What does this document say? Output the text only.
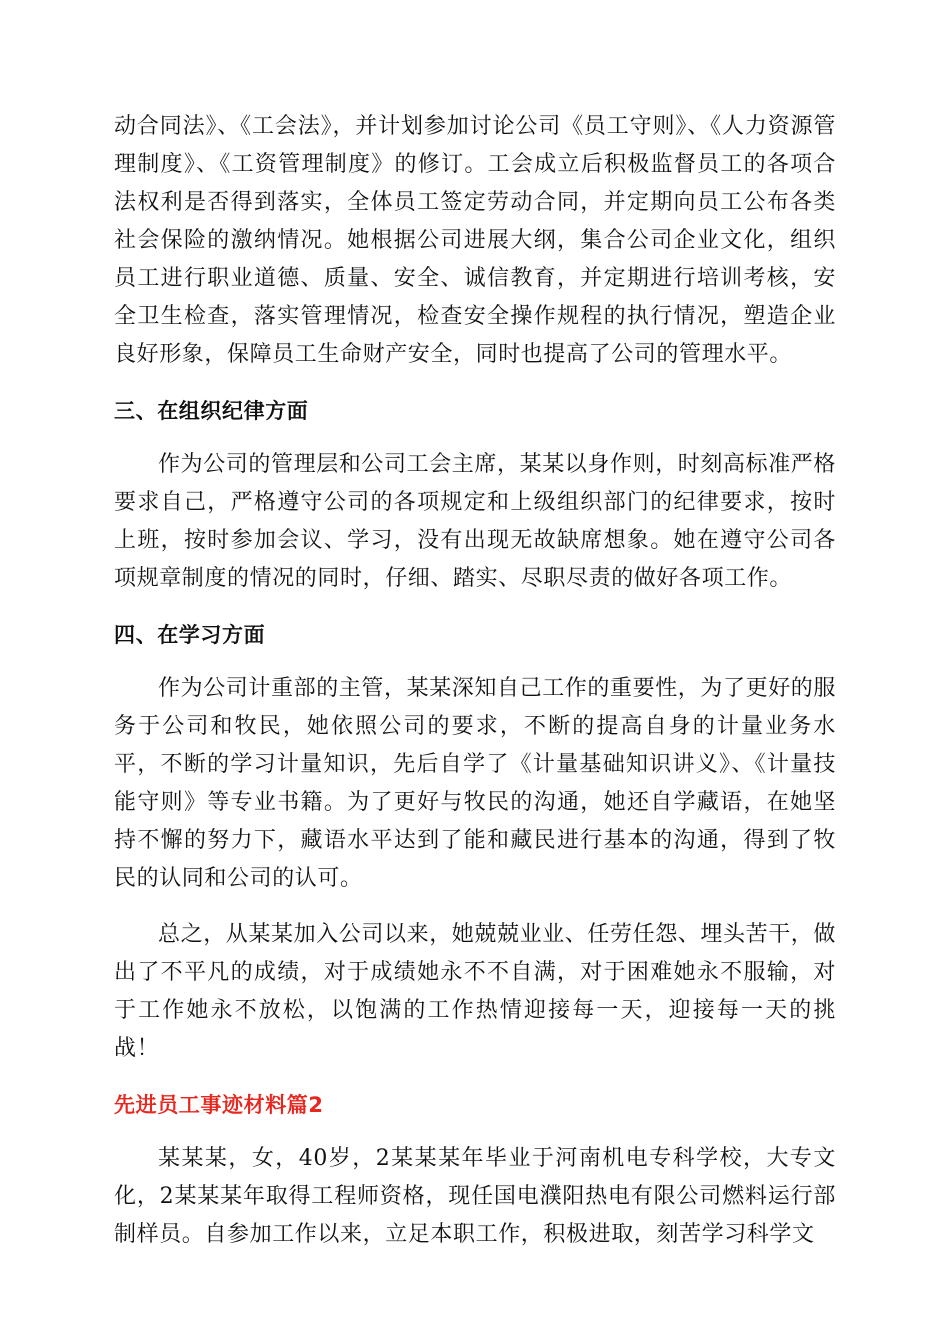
动合同法》、《工会法》，并计划参加讨论公司《员工守则》、《人力资源管理制度》、《工资管理制度》的修订。工会成立后积极监督员工的各项合法权利是否得到落实，全体员工签定劳动合同，并定期向员工公布各类社会保险的激纳情况。她根据公司进展大纲，集合公司企业文化，组织员工进行职业道德、质量、安全、诚信教育，并定期进行培训考核，安全卫生检查，落实管理情况，检查安全操作规程的执行情况，塑造企业良好形象，保障员工生命财产安全，同时也提高了公司的管理水平。

三、在组织纪律方面

作为公司的管理层和公司工会主席，某某以身作则，时刻高标准严格要求自己，严格遵守公司的各项规定和上级组织部门的纪律要求，按时上班，按时参加会议、学习，没有出现无故缺席想象。她在遵守公司各项规章制度的情况的同时，仔细、踏实、尽职尽责的做好各项工作。

四、在学习方面

作为公司计重部的主管，某某深知自己工作的重要性，为了更好的服务于公司和牧民，她依照公司的要求，不断的提高自身的计量业务水平，不断的学习计量知识，先后自学了《计量基础知识讲义》、《计量技能守则》等专业书籍。为了更好与牧民的沟通，她还自学藏语，在她坚持不懈的努力下，藏语水平达到了能和藏民进行基本的沟通，得到了牧民的认同和公司的认可。

总之，从某某加入公司以来，她兢兢业业、任劳任怨、埋头苦干，做出了不平凡的成绩，对于成绩她永不不自满，对于困难她永不服输，对于工作她永不放松，以饱满的工作热情迎接每一天，迎接每一天的挑战！

先进员工事迹材料篇2

某某某，女，40岁，2某某某年毕业于河南机电专科学校，大专文化，2某某某年取得工程师资格，现任国电濮阳热电有限公司燃料运行部制样员。自参加工作以来，立足本职工作，积极进取，刻苦学习科学文
